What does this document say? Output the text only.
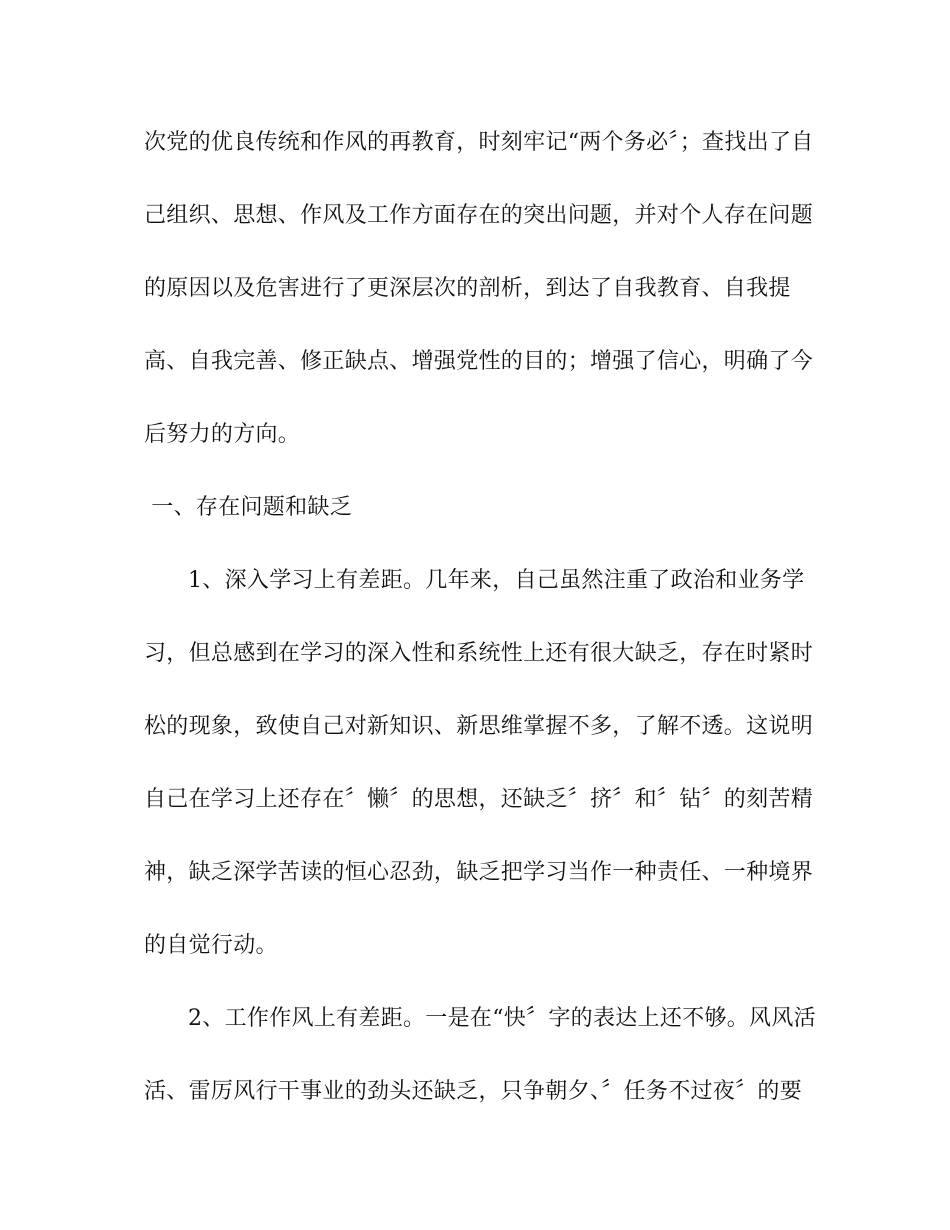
次党的优良传统和作风的再教育，时刻牢记“两个务必〞；查找出了自
己组织、思想、作风及工作方面存在的突出问题，并对个人存在问题
的原因以及危害进行了更深层次的剖析，到达了自我教育、自我提
高、自我完善、修正缺点、增强党性的目的；增强了信心，明确了今
后努力的方向。
一、存在问题和缺乏
1、深入学习上有差距。几年来，自己虽然注重了政治和业务学
习，但总感到在学习的深入性和系统性上还有很大缺乏，存在时紧时
松的现象，致使自己对新知识、新思维掌握不多，了解不透。这说明
自己在学习上还存在〞懒〞的思想，还缺乏〞挤〞和〞钻〞的刻苦精
神，缺乏深学苦读的恒心忍劲，缺乏把学习当作一种责任、一种境界
的自觉行动。
2、工作作风上有差距。一是在“快〞字的表达上还不够。风风活
活、雷厉风行干事业的劲头还缺乏，只争朝夕、〞任务不过夜〞的要
